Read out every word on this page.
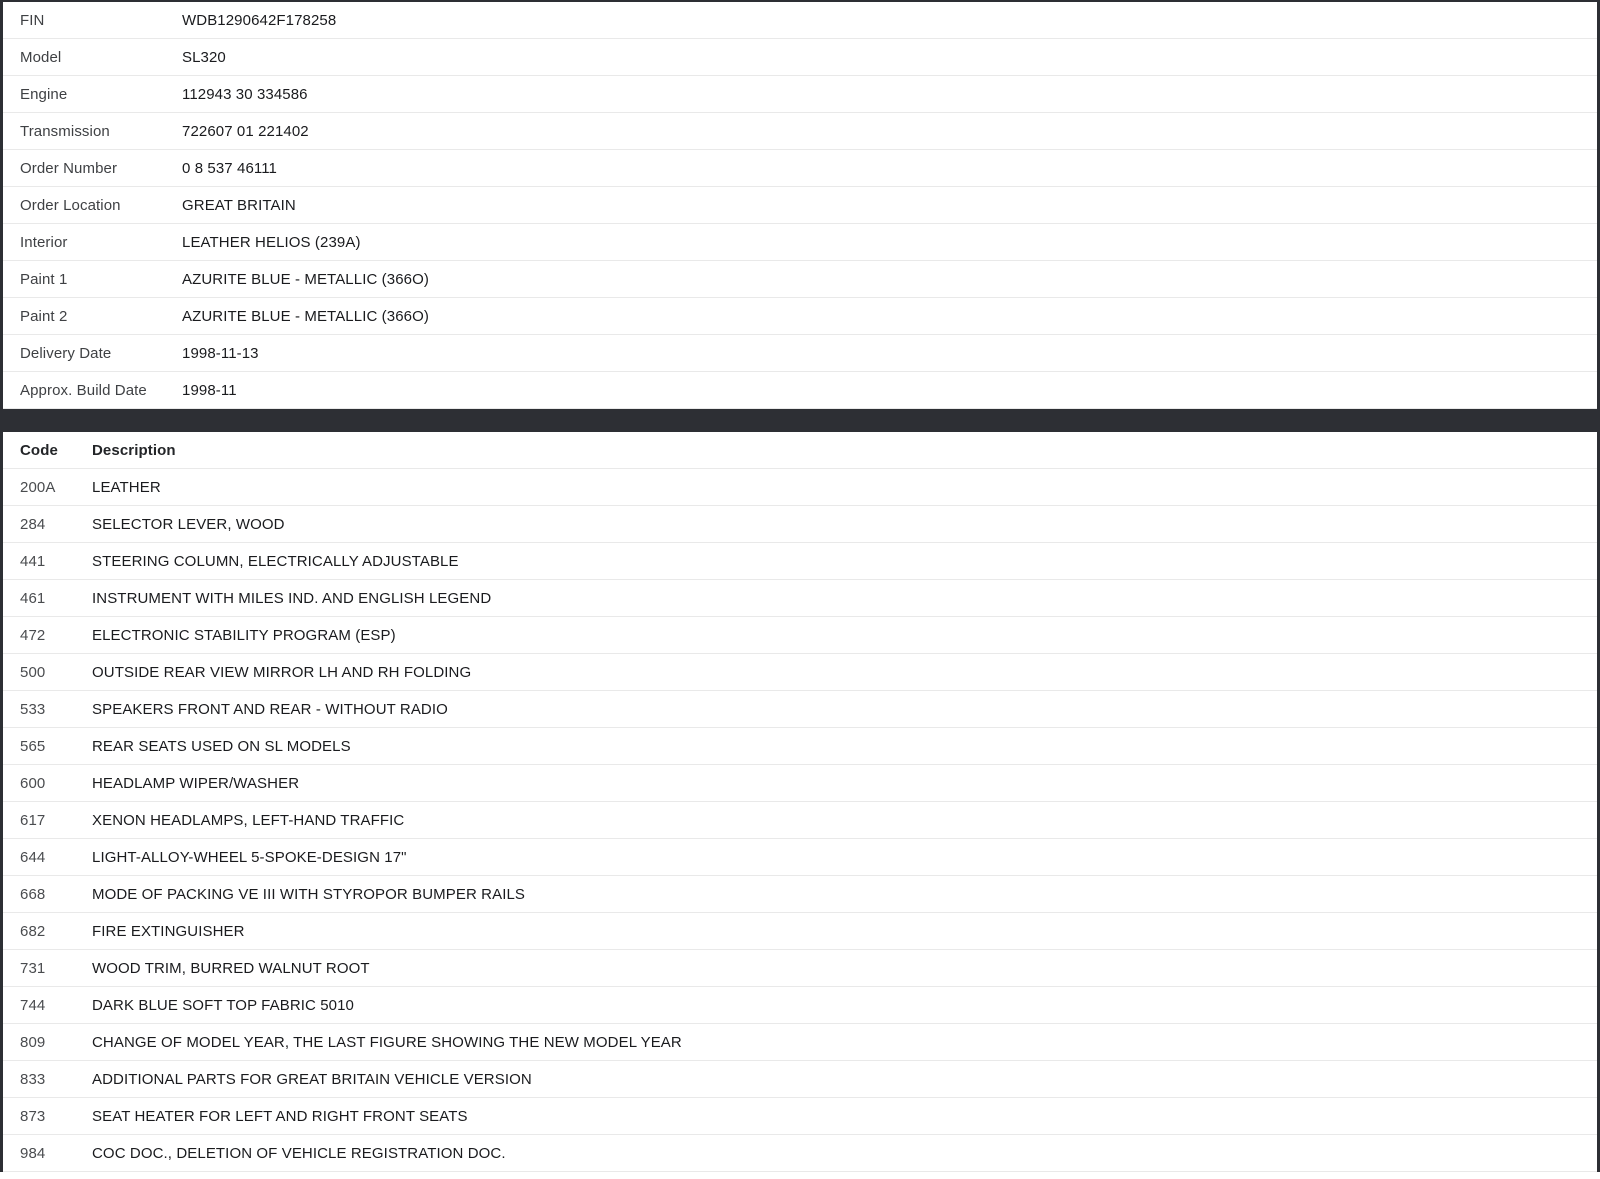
FIN	WDB1290642F178258
Model	SL320
Engine	112943 30 334586
Transmission	722607 01 221402
Order Number	0 8 537 46111
Order Location	GREAT BRITAIN
Interior	LEATHER HELIOS (239A)
Paint 1	AZURITE BLUE - METALLIC (366O)
Paint 2	AZURITE BLUE - METALLIC (366O)
Delivery Date	1998-11-13
Approx. Build Date	1998-11
Code	Description
200A	LEATHER
284	SELECTOR LEVER, WOOD
441	STEERING COLUMN, ELECTRICALLY ADJUSTABLE
461	INSTRUMENT WITH MILES IND. AND ENGLISH LEGEND
472	ELECTRONIC STABILITY PROGRAM (ESP)
500	OUTSIDE REAR VIEW MIRROR LH AND RH FOLDING
533	SPEAKERS FRONT AND REAR - WITHOUT RADIO
565	REAR SEATS USED ON SL MODELS
600	HEADLAMP WIPER/WASHER
617	XENON HEADLAMPS, LEFT-HAND TRAFFIC
644	LIGHT-ALLOY-WHEEL 5-SPOKE-DESIGN 17"
668	MODE OF PACKING VE III WITH STYROPOR BUMPER RAILS
682	FIRE EXTINGUISHER
731	WOOD TRIM, BURRED WALNUT ROOT
744	DARK BLUE SOFT TOP FABRIC 5010
809	CHANGE OF MODEL YEAR, THE LAST FIGURE SHOWING THE NEW MODEL YEAR
833	ADDITIONAL PARTS FOR GREAT BRITAIN VEHICLE VERSION
873	SEAT HEATER FOR LEFT AND RIGHT FRONT SEATS
984	COC DOC., DELETION OF VEHICLE REGISTRATION DOC.
